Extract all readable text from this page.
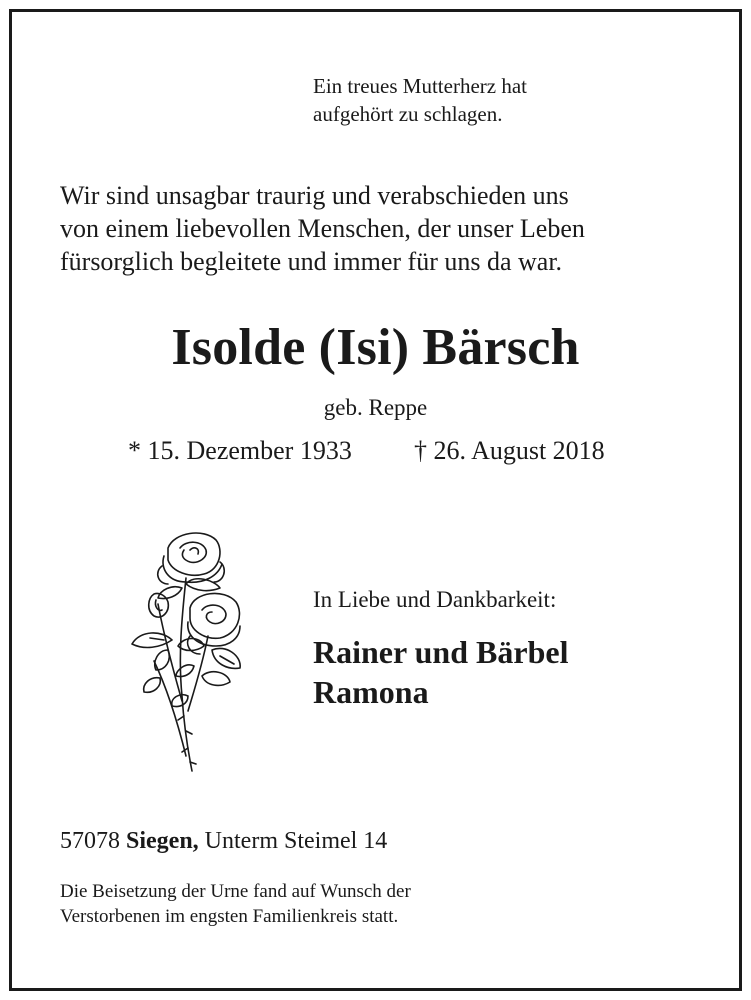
Ein treues Mutterherz hat
aufgehört zu schlagen.
Wir sind unsagbar traurig und verabschieden uns
von einem liebevollen Menschen, der unser Leben
fürsorglich begleitete und immer für uns da war.
Isolde (Isi) Bärsch
geb. Reppe
* 15. Dezember 1933 † 26. August 2018
In Liebe und Dankbarkeit:
Rainer und Bärbel
Ramona
57078 Siegen, Unterm Steimel 14
Die Beisetzung der Urne fand auf Wunsch der
Verstorbenen im engsten Familienkreis statt.
